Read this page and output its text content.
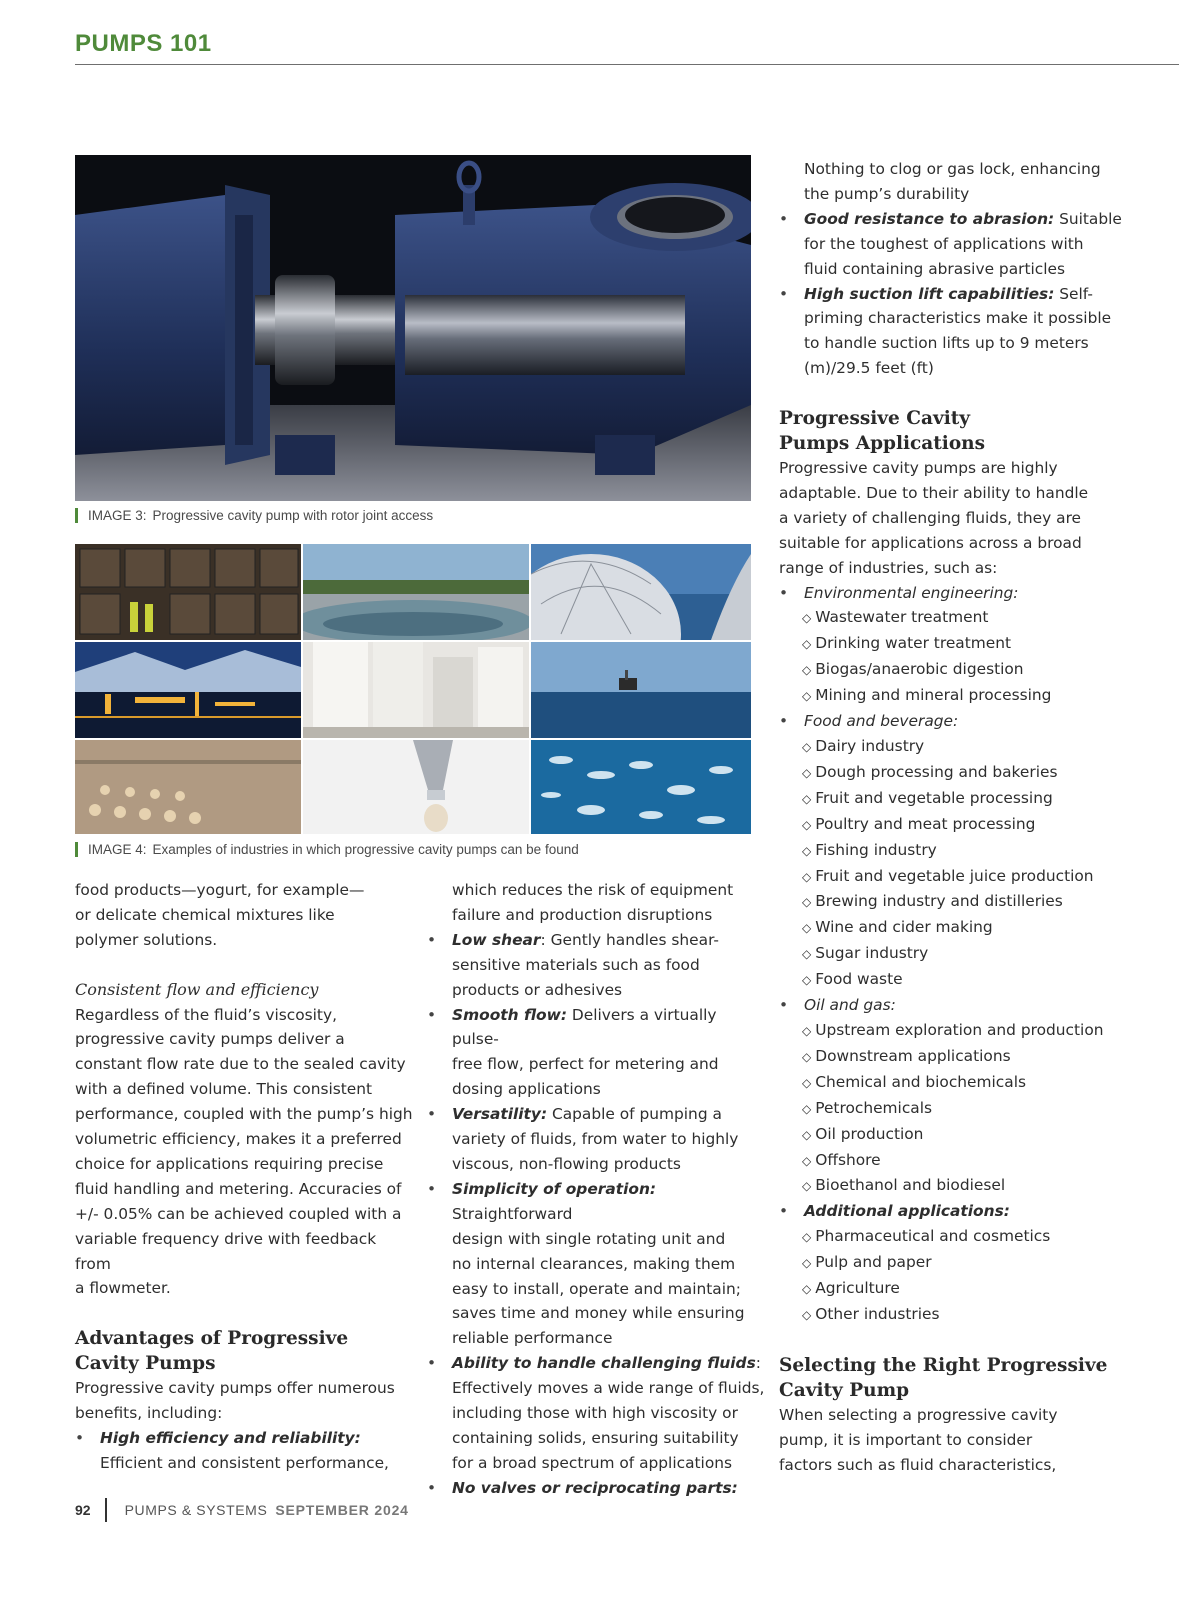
PUMPS 101
IMAGE 3: Progressive cavity pump with rotor joint access
IMAGE 4: Examples of industries in which progressive cavity pumps can be found

food products—yogurt, for example—

or delicate chemical mixtures like

polymer solutions.

Consistent flow and efficiency

Regardless of the fluid’s viscosity,

progressive cavity pumps deliver a

constant flow rate due to the sealed cavity

with a defined volume. This consistent

performance, coupled with the pump’s high

volumetric efficiency, makes it a preferred

choice for applications requiring precise

fluid handling and metering. Accuracies of

+/- 0.05% can be achieved coupled with a

variable frequency drive with feedback from

a flowmeter.

Advantages of Progressive
Cavity Pumps

Progressive cavity pumps offer numerous

benefits, including:

• High efficiency and reliability:
Efficient and consistent performance,

which reduces the risk of equipment

failure and production disruptions

• Low shear: Gently handles shear-
sensitive materials such as food
products or adhesives
• Smooth flow: Delivers a virtually pulse-
free flow, perfect for metering and
dosing applications
• Versatility: Capable of pumping a
variety of fluids, from water to highly
viscous, non-flowing products
• Simplicity of operation: Straightforward
design with single rotating unit and
no internal clearances, making them
easy to install, operate and maintain;
saves time and money while ensuring
reliable performance
• Ability to handle challenging fluids:
Effectively moves a wide range of fluids,
including those with high viscosity or
containing solids, ensuring suitability
for a broad spectrum of applications
• No valves or reciprocating parts:

Nothing to clog or gas lock, enhancing

the pump’s durability

• Good resistance to abrasion: Suitable
for the toughest of applications with
fluid containing abrasive particles
• High suction lift capabilities: Self-
priming characteristics make it possible
to handle suction lifts up to 9 meters
(m)/29.5 feet (ft)
Progressive Cavity
Pumps Applications

Progressive cavity pumps are highly

adaptable. Due to their ability to handle

a variety of challenging fluids, they are

suitable for applications across a broad

range of industries, such as:

• Environmental engineering:

◇ Wastewater treatment

◇ Drinking water treatment

◇ Biogas/anaerobic digestion

◇ Mining and mineral processing

• Food and beverage:

◇ Dairy industry

◇ Dough processing and bakeries

◇ Fruit and vegetable processing

◇ Poultry and meat processing

◇ Fishing industry

◇ Fruit and vegetable juice production

◇ Brewing industry and distilleries

◇ Wine and cider making

◇ Sugar industry

◇ Food waste

• Oil and gas:

◇ Upstream exploration and production

◇ Downstream applications

◇ Chemical and biochemicals

◇ Petrochemicals

◇ Oil production

◇ Offshore

◇ Bioethanol and biodiesel

• Additional applications:

◇ Pharmaceutical and cosmetics

◇ Pulp and paper

◇ Agriculture

◇ Other industries

Selecting the Right Progressive
Cavity Pump

When selecting a progressive cavity

pump, it is important to consider

factors such as fluid characteristics,

92 PUMPS & SYSTEMS SEPTEMBER 2024
